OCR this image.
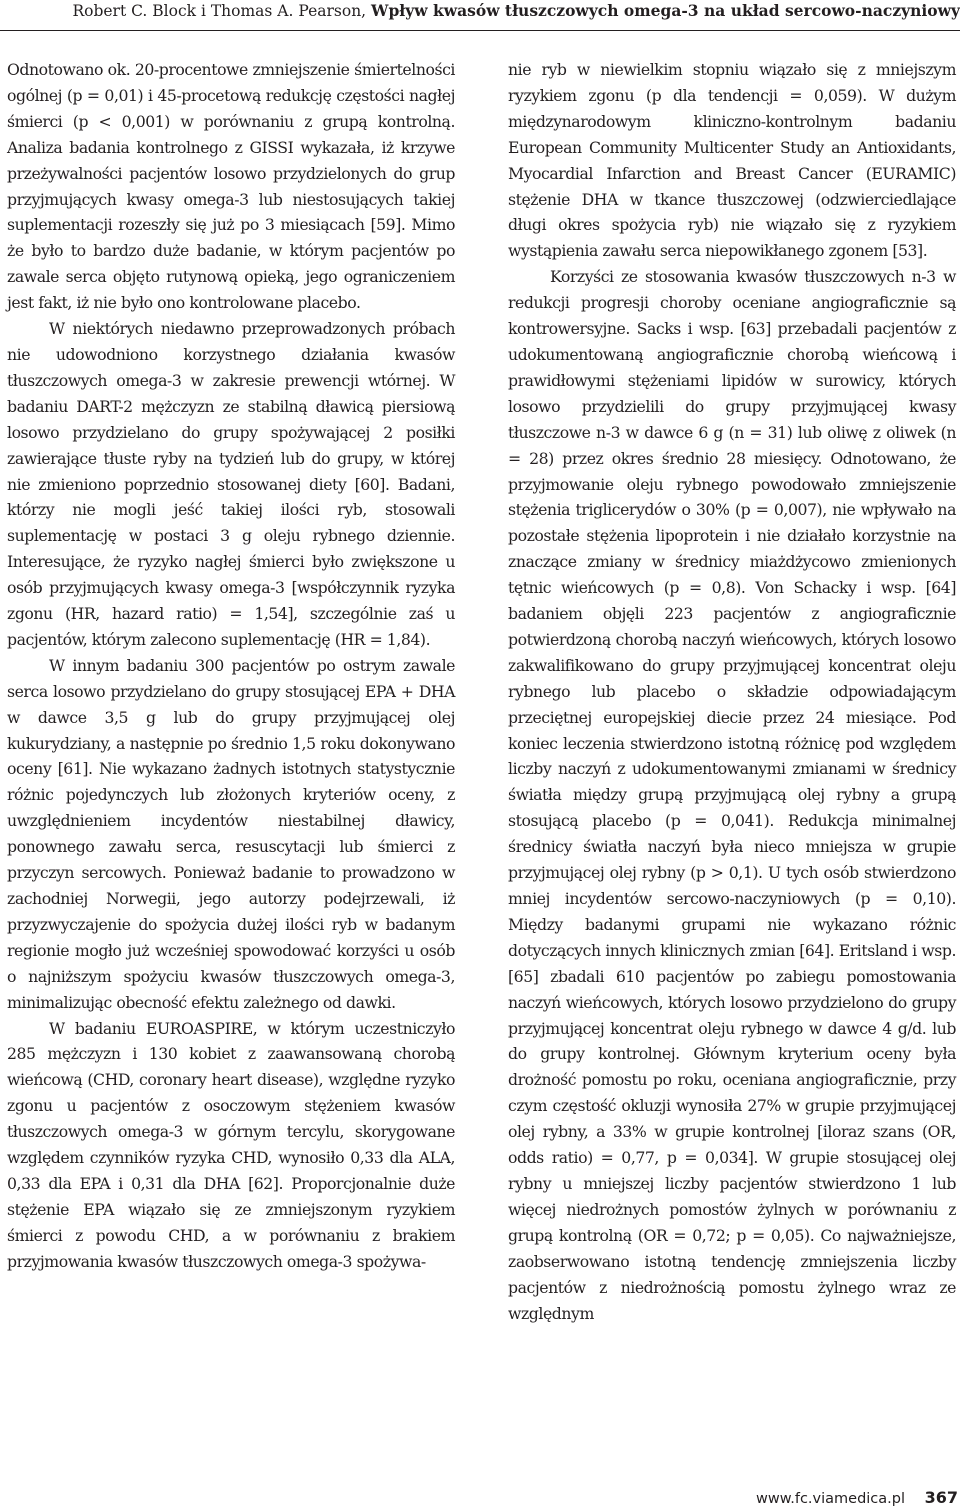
Robert C. Block i Thomas A. Pearson, Wpływ kwasów tłuszczowych omega-3 na układ sercowo-naczyniowy

Odnotowano ok. 20-procentowe zmniejszenie śmiertelności ogólnej (p = 0,01) i 45-procetową redukcję częstości nagłej śmierci (p < 0,001) w porównaniu z grupą kontrolną. Analiza badania kontrolnego z GISSI wykazała, iż krzywe przeżywalności pacjentów losowo przydzielonych do grup przyjmujących kwasy omega-3 lub niestosujących takiej suplementacji rozeszły się już po 3 miesiącach [59]. Mimo że było to bardzo duże badanie, w którym pacjentów po zawale serca objęto rutynową opieką, jego ograniczeniem jest fakt, iż nie było ono kontrolowane placebo.

W niektórych niedawno przeprowadzonych próbach nie udowodniono korzystnego działania kwasów tłuszczowych omega-3 w zakresie prewencji wtórnej. W badaniu DART-2 mężczyzn ze stabilną dławicą piersiową losowo przydzielano do grupy spożywającej 2 posiłki zawierające tłuste ryby na tydzień lub do grupy, w której nie zmieniono poprzednio stosowanej diety [60]. Badani, którzy nie mogli jeść takiej ilości ryb, stosowali suplementację w postaci 3 g oleju rybnego dziennie. Interesujące, że ryzyko nagłej śmierci było zwiększone u osób przyjmujących kwasy omega-3 [współczynnik ryzyka zgonu (HR, hazard ratio) = 1,54], szczególnie zaś u pacjentów, którym zalecono suplementację (HR = 1,84).

W innym badaniu 300 pacjentów po ostrym zawale serca losowo przydzielano do grupy stosującej EPA + DHA w dawce 3,5 g lub do grupy przyjmującej olej kukurydziany, a następnie po średnio 1,5 roku dokonywano oceny [61]. Nie wykazano żadnych istotnych statystycznie różnic pojedynczych lub złożonych kryteriów oceny, z uwzględnieniem incydentów niestabilnej dławicy, ponownego zawału serca, resuscytacji lub śmierci z przyczyn sercowych. Ponieważ badanie to prowadzono w zachodniej Norwegii, jego autorzy podejrzewali, iż przyzwyczajenie do spożycia dużej ilości ryb w badanym regionie mogło już wcześniej spowodować korzyści u osób o najniższym spożyciu kwasów tłuszczowych omega-3, minimalizując obecność efektu zależnego od dawki.

W badaniu EUROASPIRE, w którym uczestniczyło 285 mężczyzn i 130 kobiet z zaawansowaną chorobą wieńcową (CHD, coronary heart disease), względne ryzyko zgonu u pacjentów z osoczowym stężeniem kwasów tłuszczowych omega-3 w górnym tercylu, skorygowane względem czynników ryzyka CHD, wynosiło 0,33 dla ALA, 0,33 dla EPA i 0,31 dla DHA [62]. Proporcjonalnie duże stężenie EPA wiązało się ze zmniejszonym ryzykiem śmierci z powodu CHD, a w porównaniu z brakiem przyjmowania kwasów tłuszczowych omega-3 spożywa-

nie ryb w niewielkim stopniu wiązało się z mniejszym ryzykiem zgonu (p dla tendencji = 0,059). W dużym międzynarodowym kliniczno-kontrolnym badaniu European Community Multicenter Study an Antioxidants, Myocardial Infarction and Breast Cancer (EURAMIC) stężenie DHA w tkance tłuszczowej (odzwierciedlające długi okres spożycia ryb) nie wiązało się z ryzykiem wystąpienia zawału serca niepowikłanego zgonem [53].

Korzyści ze stosowania kwasów tłuszczowych n-3 w redukcji progresji choroby oceniane angiograficznie są kontrowersyjne. Sacks i wsp. [63] przebadali pacjentów z udokumentowaną angiograficznie chorobą wieńcową i prawidłowymi stężeniami lipidów w surowicy, których losowo przydzielili do grupy przyjmującej kwasy tłuszczowe n-3 w dawce 6 g (n = 31) lub oliwę z oliwek (n = 28) przez okres średnio 28 miesięcy. Odnotowano, że przyjmowanie oleju rybnego powodowało zmniejszenie stężenia triglicerydów o 30% (p = 0,007), nie wpływało na pozostałe stężenia lipoprotein i nie działało korzystnie na znaczące zmiany w średnicy miażdżycowo zmienionych tętnic wieńcowych (p = 0,8). Von Schacky i wsp. [64] badaniem objęli 223 pacjentów z angiograficznie potwierdzoną chorobą naczyń wieńcowych, których losowo zakwalifikowano do grupy przyjmującej koncentrat oleju rybnego lub placebo o składzie odpowiadającym przeciętnej europejskiej diecie przez 24 miesiące. Pod koniec leczenia stwierdzono istotną różnicę pod względem liczby naczyń z udokumentowanymi zmianami w średnicy światła między grupą przyjmującą olej rybny a grupą stosującą placebo (p = 0,041). Redukcja minimalnej średnicy światła naczyń była nieco mniejsza w grupie przyjmującej olej rybny (p > 0,1). U tych osób stwierdzono mniej incydentów sercowo-naczyniowych (p = 0,10). Między badanymi grupami nie wykazano różnic dotyczących innych klinicznych zmian [64]. Eritsland i wsp. [65] zbadali 610 pacjentów po zabiegu pomostowania naczyń wieńcowych, których losowo przydzielono do grupy przyjmującej koncentrat oleju rybnego w dawce 4 g/d. lub do grupy kontrolnej. Głównym kryterium oceny była drożność pomostu po roku, oceniana angiograficznie, przy czym częstość okluzji wynosiła 27% w grupie przyjmującej olej rybny, a 33% w grupie kontrolnej [iloraz szans (OR, odds ratio) = 0,77, p = 0,034]. W grupie stosującej olej rybny u mniejszej liczby pacjentów stwierdzono 1 lub więcej niedrożnych pomostów żylnych w porównaniu z grupą kontrolną (OR = 0,72; p = 0,05). Co najważniejsze, zaobserwowano istotną tendencję zmniejszenia liczby pacjentów z niedrożnością pomostu żylnego wraz ze względnym

www.fc.viamedica.pl 367
